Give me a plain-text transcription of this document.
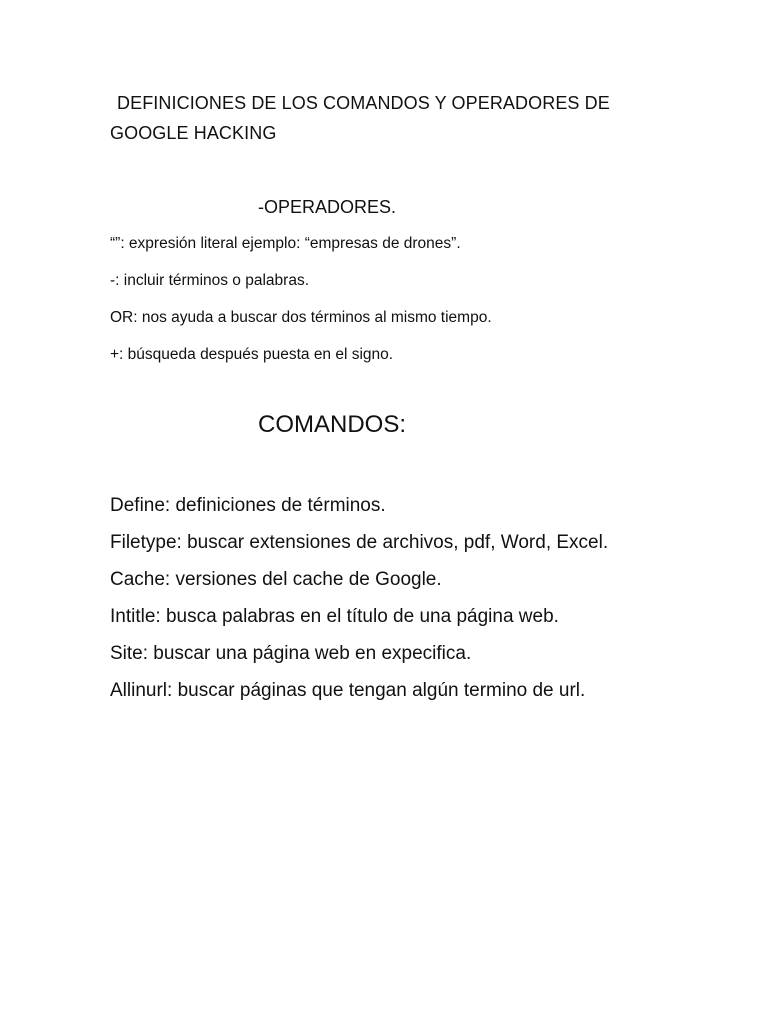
DEFINICIONES DE LOS COMANDOS Y OPERADORES DE
GOOGLE HACKING
-OPERADORES.
“”: expresión literal ejemplo: “empresas de drones”.
-: incluir términos o palabras.
OR: nos ayuda a buscar dos términos al mismo tiempo.
+: búsqueda después puesta en el signo.
COMANDOS:
Define: definiciones de términos.
Filetype: buscar extensiones de archivos, pdf, Word, Excel.
Cache: versiones del cache de Google.
Intitle: busca palabras en el título de una página web.
Site: buscar una página web en expecifica.
Allinurl: buscar páginas que tengan algún termino de url.
